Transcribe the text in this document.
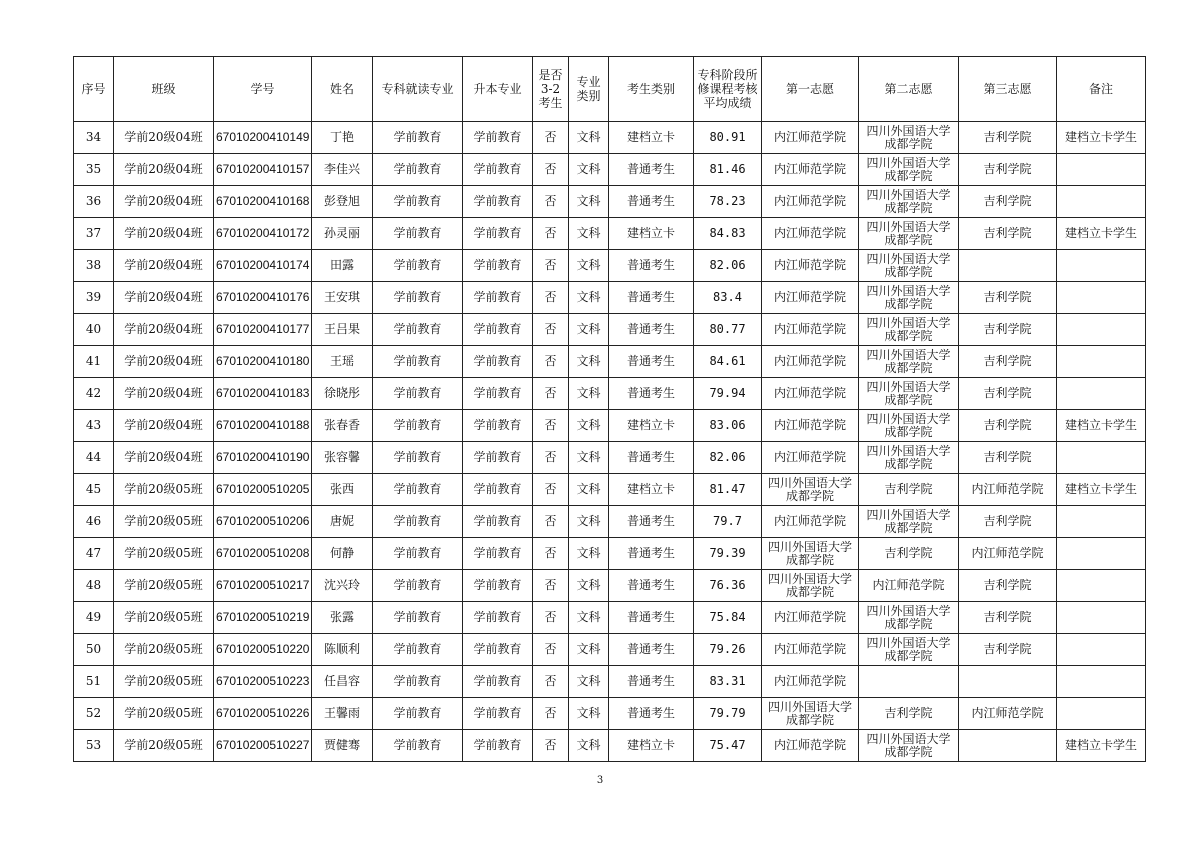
序号	班级	学号	姓名	专科就读专业	升本专业	是否3-2考生	专业类别	考生类别	专科阶段所修课程考核平均成绩	第一志愿	第二志愿	第三志愿	备注
34	学前20级04班	67010200410149	丁艳	学前教育	学前教育	否	文科	建档立卡	80.91	内江师范学院	四川外国语大学成都学院	吉利学院	建档立卡学生
35	学前20级04班	67010200410157	李佳兴	学前教育	学前教育	否	文科	普通考生	81.46	内江师范学院	四川外国语大学成都学院	吉利学院	
36	学前20级04班	67010200410168	彭登旭	学前教育	学前教育	否	文科	普通考生	78.23	内江师范学院	四川外国语大学成都学院	吉利学院	
37	学前20级04班	67010200410172	孙灵丽	学前教育	学前教育	否	文科	建档立卡	84.83	内江师范学院	四川外国语大学成都学院	吉利学院	建档立卡学生
38	学前20级04班	67010200410174	田露	学前教育	学前教育	否	文科	普通考生	82.06	内江师范学院	四川外国语大学成都学院		
39	学前20级04班	67010200410176	王安琪	学前教育	学前教育	否	文科	普通考生	83.4	内江师范学院	四川外国语大学成都学院	吉利学院	
40	学前20级04班	67010200410177	王吕果	学前教育	学前教育	否	文科	普通考生	80.77	内江师范学院	四川外国语大学成都学院	吉利学院	
41	学前20级04班	67010200410180	王瑶	学前教育	学前教育	否	文科	普通考生	84.61	内江师范学院	四川外国语大学成都学院	吉利学院	
42	学前20级04班	67010200410183	徐晓彤	学前教育	学前教育	否	文科	普通考生	79.94	内江师范学院	四川外国语大学成都学院	吉利学院	
43	学前20级04班	67010200410188	张春香	学前教育	学前教育	否	文科	建档立卡	83.06	内江师范学院	四川外国语大学成都学院	吉利学院	建档立卡学生
44	学前20级04班	67010200410190	张容馨	学前教育	学前教育	否	文科	普通考生	82.06	内江师范学院	四川外国语大学成都学院	吉利学院	
45	学前20级05班	67010200510205	张西	学前教育	学前教育	否	文科	建档立卡	81.47	四川外国语大学成都学院	吉利学院	内江师范学院	建档立卡学生
46	学前20级05班	67010200510206	唐妮	学前教育	学前教育	否	文科	普通考生	79.7	内江师范学院	四川外国语大学成都学院	吉利学院	
47	学前20级05班	67010200510208	何静	学前教育	学前教育	否	文科	普通考生	79.39	四川外国语大学成都学院	吉利学院	内江师范学院	
48	学前20级05班	67010200510217	沈兴玲	学前教育	学前教育	否	文科	普通考生	76.36	四川外国语大学成都学院	内江师范学院	吉利学院	
49	学前20级05班	67010200510219	张露	学前教育	学前教育	否	文科	普通考生	75.84	内江师范学院	四川外国语大学成都学院	吉利学院	
50	学前20级05班	67010200510220	陈顺利	学前教育	学前教育	否	文科	普通考生	79.26	内江师范学院	四川外国语大学成都学院	吉利学院	
51	学前20级05班	67010200510223	任昌容	学前教育	学前教育	否	文科	普通考生	83.31	内江师范学院			
52	学前20级05班	67010200510226	王馨雨	学前教育	学前教育	否	文科	普通考生	79.79	四川外国语大学成都学院	吉利学院	内江师范学院	
53	学前20级05班	67010200510227	贾健骞	学前教育	学前教育	否	文科	建档立卡	75.47	内江师范学院	四川外国语大学成都学院		建档立卡学生
3
